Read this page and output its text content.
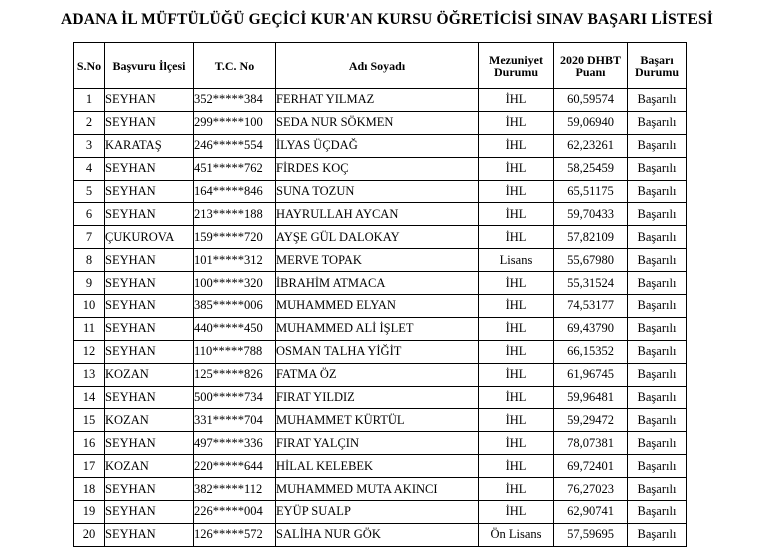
ADANA İL MÜFTÜLÜĞÜ GEÇİCİ KUR'AN KURSU ÖĞRETİCİSİ SINAV BAŞARI LİSTESİ
S.No	Başvuru İlçesi	T.C. No	Adı Soyadı	Mezuniyet Durumu	2020 DHBT Puanı	Başarı Durumu
1	SEYHAN	352*****384	FERHAT YILMAZ	İHL	60,59574	Başarılı
2	SEYHAN	299*****100	SEDA NUR SÖKMEN	İHL	59,06940	Başarılı
3	KARATAŞ	246*****554	İLYAS ÜÇDAĞ	İHL	62,23261	Başarılı
4	SEYHAN	451*****762	FİRDES KOÇ	İHL	58,25459	Başarılı
5	SEYHAN	164*****846	SUNA TOZUN	İHL	65,51175	Başarılı
6	SEYHAN	213*****188	HAYRULLAH AYCAN	İHL	59,70433	Başarılı
7	ÇUKUROVA	159*****720	AYŞE GÜL DALOKAY	İHL	57,82109	Başarılı
8	SEYHAN	101*****312	MERVE TOPAK	Lisans	55,67980	Başarılı
9	SEYHAN	100*****320	İBRAHİM ATMACA	İHL	55,31524	Başarılı
10	SEYHAN	385*****006	MUHAMMED ELYAN	İHL	74,53177	Başarılı
11	SEYHAN	440*****450	MUHAMMED ALİ İŞLET	İHL	69,43790	Başarılı
12	SEYHAN	110*****788	OSMAN TALHA YİĞİT	İHL	66,15352	Başarılı
13	KOZAN	125*****826	FATMA ÖZ	İHL	61,96745	Başarılı
14	SEYHAN	500*****734	FIRAT YILDIZ	İHL	59,96481	Başarılı
15	KOZAN	331*****704	MUHAMMET KÜRTÜL	İHL	59,29472	Başarılı
16	SEYHAN	497*****336	FIRAT YALÇIN	İHL	78,07381	Başarılı
17	KOZAN	220*****644	HİLAL KELEBEK	İHL	69,72401	Başarılı
18	SEYHAN	382*****112	MUHAMMED MUTA AKINCI	İHL	76,27023	Başarılı
19	SEYHAN	226*****004	EYÜP SUALP	İHL	62,90741	Başarılı
20	SEYHAN	126*****572	SALİHA NUR GÖK	Ön Lisans	57,59695	Başarılı
